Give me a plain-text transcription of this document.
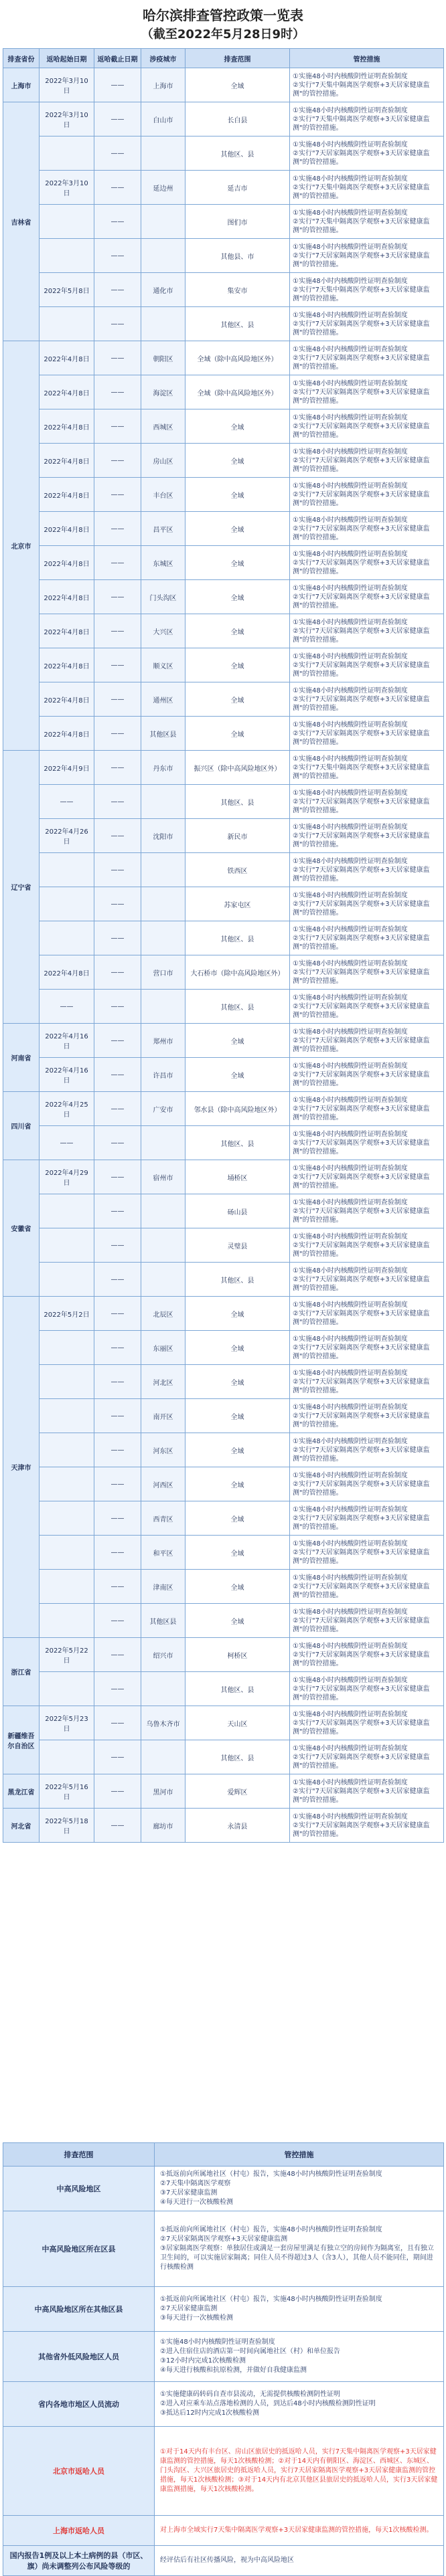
哈尔滨排查管控政策一览表
（截至2022年5月28日9时）
排查省份	返哈起始日期	返哈截止日期	涉疫城市	排查范围	管控措施
上海市	2022年3月10日	——	上海市	全域	①实施48小时内核酸阴性证明查验制度
②实行"7天集中隔离医学观察+3天居家健康监测"的管控措施。
吉林省	2022年3月10日	——	白山市	长白县	①实施48小时内核酸阴性证明查验制度
②实行"7天集中隔离医学观察+3天居家健康监测"的管控措施。
		——		其他区、县	①实施48小时内核酸阴性证明查验制度
②实行"7天居家隔离医学观察+3天居家健康监测"的管控措施。
	2022年3月10日	——	延边州	延吉市	①实施48小时内核酸阴性证明查验制度
②实行"7天集中隔离医学观察+3天居家健康监测"的管控措施。
		——		图们市	①实施48小时内核酸阴性证明查验制度
②实行"7天集中隔离医学观察+3天居家健康监测"的管控措施。
		——		其他县、市	①实施48小时内核酸阴性证明查验制度
②实行"7天居家隔离医学观察+3天居家健康监测"的管控措施。
	2022年5月8日	——	通化市	集安市	①实施48小时内核酸阴性证明查验制度
②实行"7天集中隔离医学观察+3天居家健康监测"的管控措施。
		——		其他区、县	①实施48小时内核酸阴性证明查验制度
②实行"7天居家隔离医学观察+3天居家健康监测"的管控措施。
北京市	2022年4月8日	——	朝阳区	全域（除中高风险地区外）	①实施48小时内核酸阴性证明查验制度
②实行"7天居家隔离医学观察+3天居家健康监测"的管控措施。
	2022年4月8日	——	海淀区	全域（除中高风险地区外）	①实施48小时内核酸阴性证明查验制度
②实行"7天居家隔离医学观察+3天居家健康监测"的管控措施。
	2022年4月8日	——	西城区	全域	①实施48小时内核酸阴性证明查验制度
②实行"7天居家隔离医学观察+3天居家健康监测"的管控措施。
	2022年4月8日	——	房山区	全域	①实施48小时内核酸阴性证明查验制度
②实行"7天居家隔离医学观察+3天居家健康监测"的管控措施。
	2022年4月8日	——	丰台区	全域	①实施48小时内核酸阴性证明查验制度
②实行"7天居家隔离医学观察+3天居家健康监测"的管控措施。
	2022年4月8日	——	昌平区	全域	①实施48小时内核酸阴性证明查验制度
②实行"7天居家隔离医学观察+3天居家健康监测"的管控措施。
	2022年4月8日	——	东城区	全域	①实施48小时内核酸阴性证明查验制度
②实行"7天居家隔离医学观察+3天居家健康监测"的管控措施。
	2022年4月8日	——	门头沟区	全域	①实施48小时内核酸阴性证明查验制度
②实行"7天居家隔离医学观察+3天居家健康监测"的管控措施。
	2022年4月8日	——	大兴区	全域	①实施48小时内核酸阴性证明查验制度
②实行"7天居家隔离医学观察+3天居家健康监测"的管控措施。
	2022年4月8日	——	顺义区	全域	①实施48小时内核酸阴性证明查验制度
②实行"7天居家隔离医学观察+3天居家健康监测"的管控措施。
	2022年4月8日	——	通州区	全域	①实施48小时内核酸阴性证明查验制度
②实行"7天居家隔离医学观察+3天居家健康监测"的管控措施。
	2022年4月8日	——	其他区县	全域	①实施48小时内核酸阴性证明查验制度
②实行"7天居家隔离医学观察+3天居家健康监测"的管控措施。
辽宁省	2022年4月9日	——	丹东市	振兴区（除中高风险地区外）	①实施48小时内核酸阴性证明查验制度
②实行"7天集中隔离医学观察+3天居家健康监测"的管控措施。
	——	——		其他区、县	①实施48小时内核酸阴性证明查验制度
②实行"7天居家隔离医学观察+3天居家健康监测"的管控措施。
	2022年4月26日	——	沈阳市	新民市	①实施48小时内核酸阴性证明查验制度
②实行"7天居家隔离医学观察+3天居家健康监测"的管控措施。
		——		铁西区	①实施48小时内核酸阴性证明查验制度
②实行"7天居家隔离医学观察+3天居家健康监测"的管控措施。
		——		苏家屯区	①实施48小时内核酸阴性证明查验制度
②实行"7天居家隔离医学观察+3天居家健康监测"的管控措施。
		——		其他区、县	①实施48小时内核酸阴性证明查验制度
②实行"7天居家隔离医学观察+3天居家健康监测"的管控措施。
	2022年4月8日	——	营口市	大石桥市（除中高风险地区外）	①实施48小时内核酸阴性证明查验制度
②实行"7天居家隔离医学观察+3天居家健康监测"的管控措施。
	——	——		其他区、县	①实施48小时内核酸阴性证明查验制度
②实行"7天居家隔离医学观察+3天居家健康监测"的管控措施。
河南省	2022年4月16日	——	郑州市	全域	①实施48小时内核酸阴性证明查验制度
②实行"7天居家隔离医学观察+3天居家健康监测"的管控措施。
	2022年4月16日	——	许昌市	全域	①实施48小时内核酸阴性证明查验制度
②实行"7天居家隔离医学观察+3天居家健康监测"的管控措施。
四川省	2022年4月25日	——	广安市	邻水县（除中高风险地区外）	①实施48小时内核酸阴性证明查验制度
②实行"7天居家隔离医学观察+3天居家健康监测"的管控措施。
	——	——		其他区、县	①实施48小时内核酸阴性证明查验制度
②实行"7天居家隔离医学观察+3天居家健康监测"的管控措施。
安徽省	2022年4月29日	——	宿州市	埇桥区	①实施48小时内核酸阴性证明查验制度
②实行"7天居家隔离医学观察+3天居家健康监测"的管控措施。
		——		砀山县	①实施48小时内核酸阴性证明查验制度
②实行"7天居家隔离医学观察+3天居家健康监测"的管控措施。
		——		灵璧县	①实施48小时内核酸阴性证明查验制度
②实行"7天居家隔离医学观察+3天居家健康监测"的管控措施。
		——		其他区、县	①实施48小时内核酸阴性证明查验制度
②实行"7天居家隔离医学观察+3天居家健康监测"的管控措施。
天津市	2022年5月2日	——	北辰区	全域	①实施48小时内核酸阴性证明查验制度
②实行"7天居家隔离医学观察+3天居家健康监测"的管控措施。
		——	东丽区	全域	①实施48小时内核酸阴性证明查验制度
②实行"7天居家隔离医学观察+3天居家健康监测"的管控措施。
		——	河北区	全域	①实施48小时内核酸阴性证明查验制度
②实行"7天居家隔离医学观察+3天居家健康监测"的管控措施。
		——	南开区	全域	①实施48小时内核酸阴性证明查验制度
②实行"7天居家隔离医学观察+3天居家健康监测"的管控措施。
		——	河东区	全域	①实施48小时内核酸阴性证明查验制度
②实行"7天居家隔离医学观察+3天居家健康监测"的管控措施。
		——	河西区	全域	①实施48小时内核酸阴性证明查验制度
②实行"7天居家隔离医学观察+3天居家健康监测"的管控措施。
		——	西青区	全域	①实施48小时内核酸阴性证明查验制度
②实行"7天居家隔离医学观察+3天居家健康监测"的管控措施。
		——	和平区	全域	①实施48小时内核酸阴性证明查验制度
②实行"7天居家隔离医学观察+3天居家健康监测"的管控措施。
		——	津南区	全域	①实施48小时内核酸阴性证明查验制度
②实行"7天居家隔离医学观察+3天居家健康监测"的管控措施。
		——	其他区县	全域	①实施48小时内核酸阴性证明查验制度
②实行"7天居家隔离医学观察+3天居家健康监测"的管控措施。
浙江省	2022年5月22日	——	绍兴市	柯桥区	①实施48小时内核酸阴性证明查验制度
②实行"7天居家隔离医学观察+3天居家健康监测"的管控措施。
		——		其他区、县	①实施48小时内核酸阴性证明查验制度
②实行"7天居家隔离医学观察+3天居家健康监测"的管控措施。
新疆维吾尔自治区	2022年5月23日	——	乌鲁木齐市	天山区	①实施48小时内核酸阴性证明查验制度
②实行"7天居家隔离医学观察+3天居家健康监测"的管控措施。
		——		其他区、县	①实施48小时内核酸阴性证明查验制度
②实行"7天居家隔离医学观察+3天居家健康监测"的管控措施。
黑龙江省	2022年5月16日	——	黑河市	爱辉区	①实施48小时内核酸阴性证明查验制度
②实行"7天居家隔离医学观察+3天居家健康监测"的管控措施。
河北省	2022年5月18日	——	廊坊市	永清县	①实施48小时内核酸阴性证明查验制度
②实行"7天居家隔离医学观察+3天居家健康监测"的管控措施。
排查范围	管控措施
中高风险地区	①抵返前向所属地社区（村屯）报告，实施48小时内核酸阴性证明查验制度
②7天集中隔离医学观察
③7天居家健康监测
④每天进行一次核酸检测
中高风险地区所在区县	①抵返前向所属地社区（村屯）报告，实施48小时内核酸阴性证明查验制度
②7天居家隔离医学观察+3天居家健康监测
③居家隔离医学观察：单独居住或满足一套房屋里满足有独立空的房间作为隔离室，且有独立卫生间的，可以实施居家隔离；同住人员不得超过3人（含3人），其他人员不能同住，期间进行核酸检测
中高风险地区所在其他区县	①抵返前向所属地社区（村屯）报告，实施48小时内核酸阴性证明查验制度
②7天居家健康监测
③每天进行一次核酸检测
其他省外低风险地区人员	①实施48小时内核酸阴性证明查验制度
②进入住宿住店的酒店第一时间向属地社区（村）和单位报告
③12小时内完成1次核酸检测
④每天进行核酸和抗原检测，并做好自我健康监测
省内各地市地区人员流动	①实施健康码转码自查市县流动，无需提供核酸检测阴性证明
②进入对应乘车站点落地检测的人员，到达后48小时内核酸检测阴性证明
③抵达后12时内完成1次核酸检测
北京市返哈人员	①对于14天内有丰台区、房山区旅居史的抵返哈人员，实行7天集中隔离医学观察+3天居家健康监测的管控措施，每天1次核酸检测；②对于14天内有朝阳区、海淀区、西城区、东城区、门头沟区、大兴区旅居史的抵返哈人员，实行7天居家隔离医学观察+3天居家健康监测的管控措施，每天1次核酸检测；③对于14天内有北京其他区县旅居史的抵返哈人员，实行3天居家健康监测措施，每天1次核酸检测。
上海市返哈人员	对上海市全域实行7天集中隔离医学观察+3天居家健康监测的管控措施，每天1次核酸检测。
国内报告1例及以上本土病例的县（市区、旗）尚未调整列公布风险等级的	经评估后有社区传播风险，视为中高风险地区
